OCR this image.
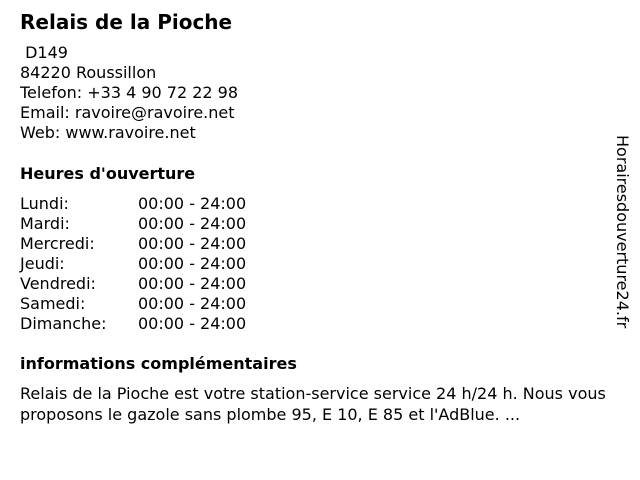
Relais de la Pioche
D149
84220 Roussillon
Telefon: +33 4 90 72 22 98
Email: ravoire@ravoire.net
Web: www.ravoire.net
Heures d'ouverture
Lundi:	00:00 - 24:00
Mardi:	00:00 - 24:00
Mercredi:	00:00 - 24:00
Jeudi:	00:00 - 24:00
Vendredi:	00:00 - 24:00
Samedi:	00:00 - 24:00
Dimanche: 00:00 - 24:00
informations complémentaires
Relais de la Pioche est votre station-service service 24 h/24 h. Nous vous proposons le gazole sans plombe 95, E 10, E 85 et l'AdBlue. ...
Horairesdouverture24.fr
